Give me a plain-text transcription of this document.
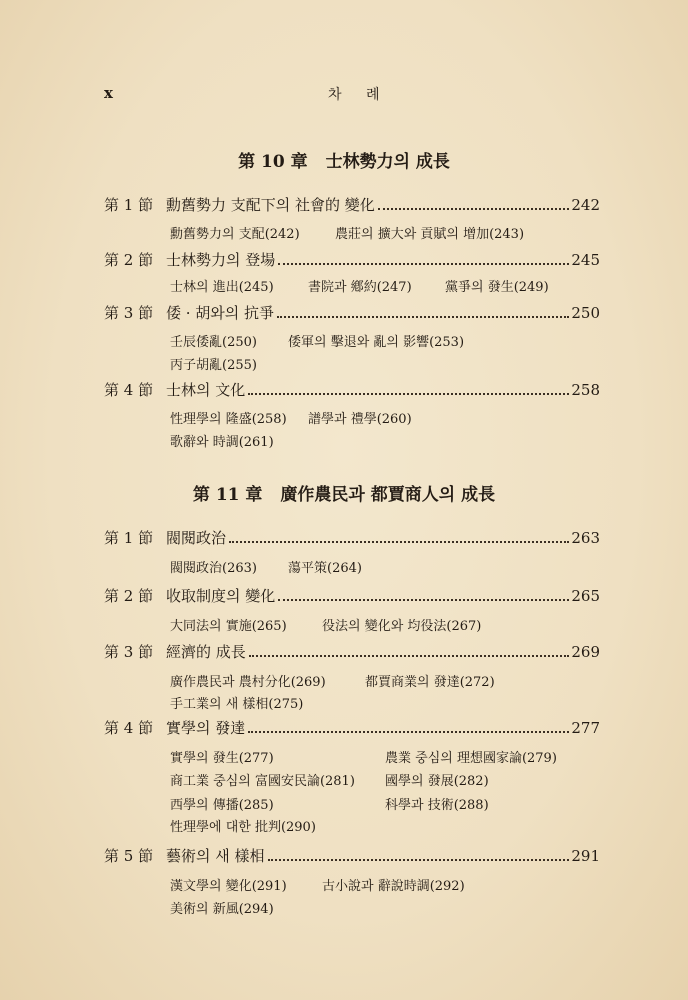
x	차 례
第 10 章 士林勢力의 成長
第 1 節 勳舊勢力 支配下의 社會的 變化	242
勳舊勢力의 支配(242)	農莊의 擴大와 貢賦의 增加(243)
第 2 節 士林勢力의 登場	245
士林의 進出(245)	書院과 鄕約(247)	黨爭의 發生(249)
第 3 節 倭 · 胡와의 抗爭	250
壬辰倭亂(250) 倭軍의 擊退와 亂의 影響(253)
丙子胡亂(255)
第 4 節 士林의 文化	258
性理學의 隆盛(258) 譜學과 禮學(260)
歌辭와 時調(261)
第 11 章 廣作農民과 都賈商人의 成長
第 1 節 閥閱政治	263
閥閱政治(263) 蕩平策(264)
第 2 節 收取制度의 變化	265
大同法의 實施(265)	役法의 變化와 均役法(267)
第 3 節 經濟的 成長	269
廣作農民과 農村分化(269)	都賈商業의 發達(272)
手工業의 새 樣相(275)
第 4 節 實學의 發達	277
實學의 發生(277)	農業 중심의 理想國家論(279)
商工業 중심의 富國安民論(281) 國學의 發展(282)
西學의 傳播(285)	科學과 技術(288)
性理學에 대한 批判(290)
第 5 節 藝術의 새 樣相	291
漢文學의 變化(291)	古小說과 辭說時調(292)
美術의 新風(294)
